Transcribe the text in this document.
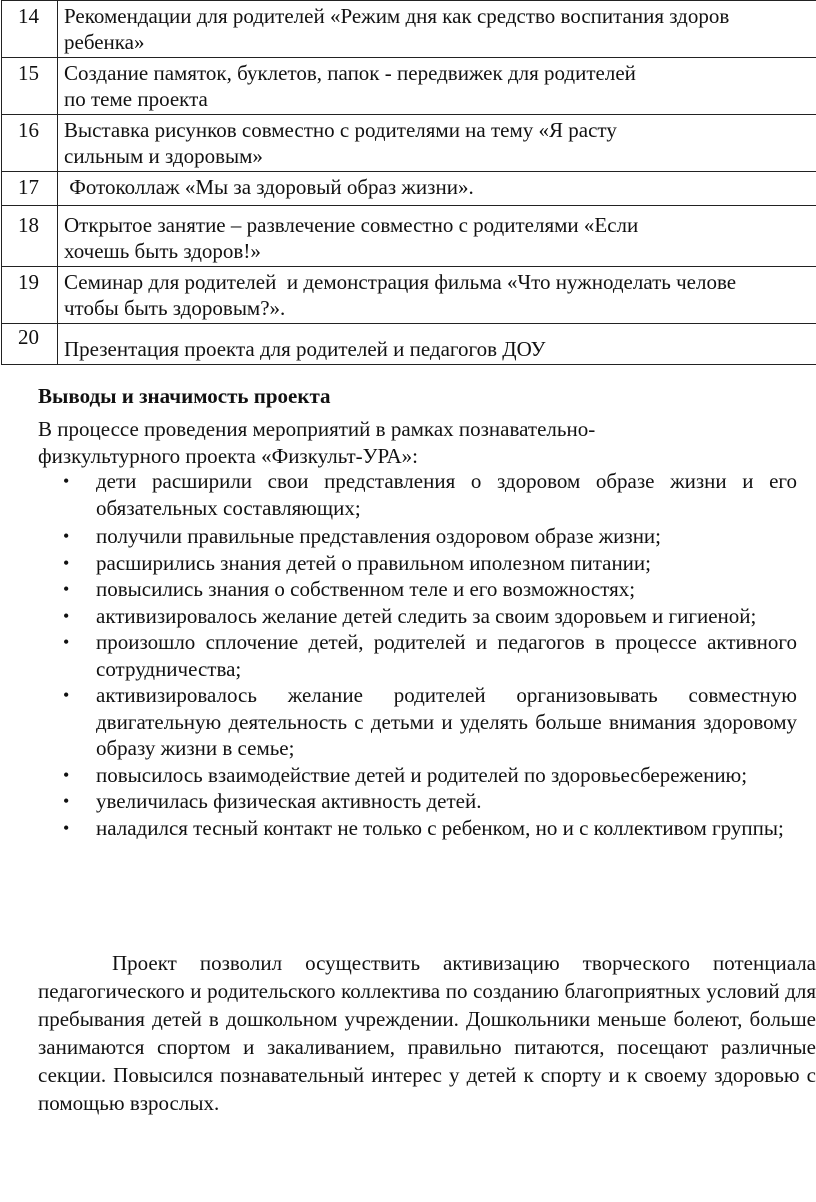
14	Рекомендации для родителей «Режим дня как средство воспитания здоров
ребенка»
15	Создание памяток, буклетов, папок - передвижек для родителей
по теме проекта
16	Выставка рисунков совместно с родителями на тему «Я расту
сильным и здоровым»
17	Фотоколлаж «Мы за здоровый образ жизни».
18	Открытое занятие – развлечение совместно с родителями «Если
хочешь быть здоров!»
19	Семинар для родителей  и демонстрация фильма «Что нужноделать челове
чтобы быть здоровым?».
20	Презентация проекта для родителей и педагогов ДОУ
Выводы и значимость проекта

В процессе проведения мероприятий в рамках познавательно-физкультурного проекта «Физкульт-УРА»:

• дети расширили свои представления о здоровом образе жизни и его обязательных составляющих;
• получили правильные представления оздоровом образе жизни;
• расширились знания детей о правильном иполезном питании;
• повысились знания о собственном теле и его возможностях;
• активизировалось желание детей следить за своим здоровьем и гигиеной;
• произошло сплочение детей, родителей и педагогов в процессе активного сотрудничества;
• активизировалось желание родителей организовывать совместную двигательную деятельность с детьми и уделять больше внимания здоровому образу жизни в семье;
• повысилось взаимодействие детей и родителей по здоровьесбережению;
• увеличилась физическая активность детей.
• наладился тесный контакт не только с ребенком, но и с коллективом группы;

Проект позволил осуществить активизацию творческого потенциала педагогического и родительского коллектива по созданию благоприятных условий для пребывания детей в дошкольном учреждении. Дошкольники меньше болеют, больше занимаются спортом и закаливанием, правильно питаются, посещают различные секции. Повысился познавательный интерес у детей к спорту и к своему здоровью с помощью взрослых.
